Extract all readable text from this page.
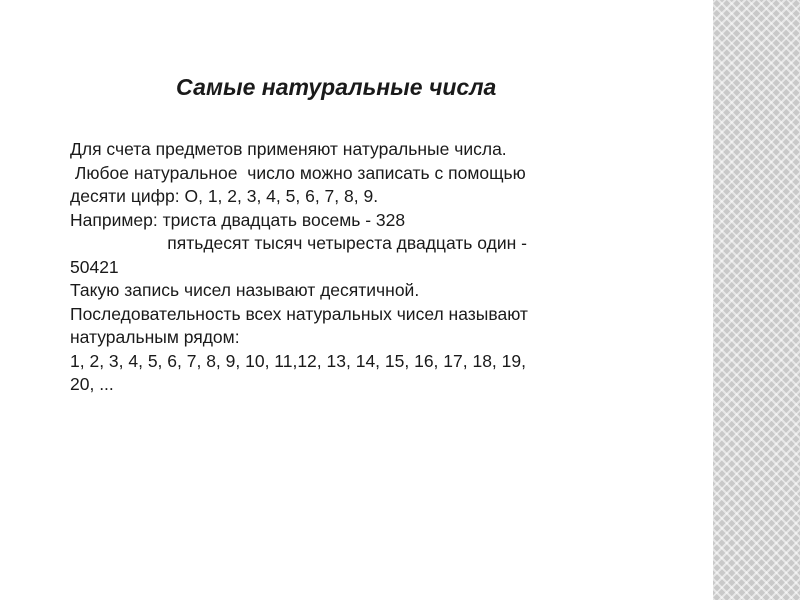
Самые натуральные числа
Для счета предметов применяют натуральные числа.
Любое натуральное  число можно записать с помощью
десяти цифр: О, 1, 2, 3, 4, 5, 6, 7, 8, 9.
Например: триста двадцать восемь - 328
пятьдесят тысяч четыреста двадцать один -
50421
Такую запись чисел называют десятичной.
Последовательность всех натуральных чисел называют
натуральным рядом:
1, 2, 3, 4, 5, 6, 7, 8, 9, 10, 11,12, 13, 14, 15, 16, 17, 18, 19,
20, ...
